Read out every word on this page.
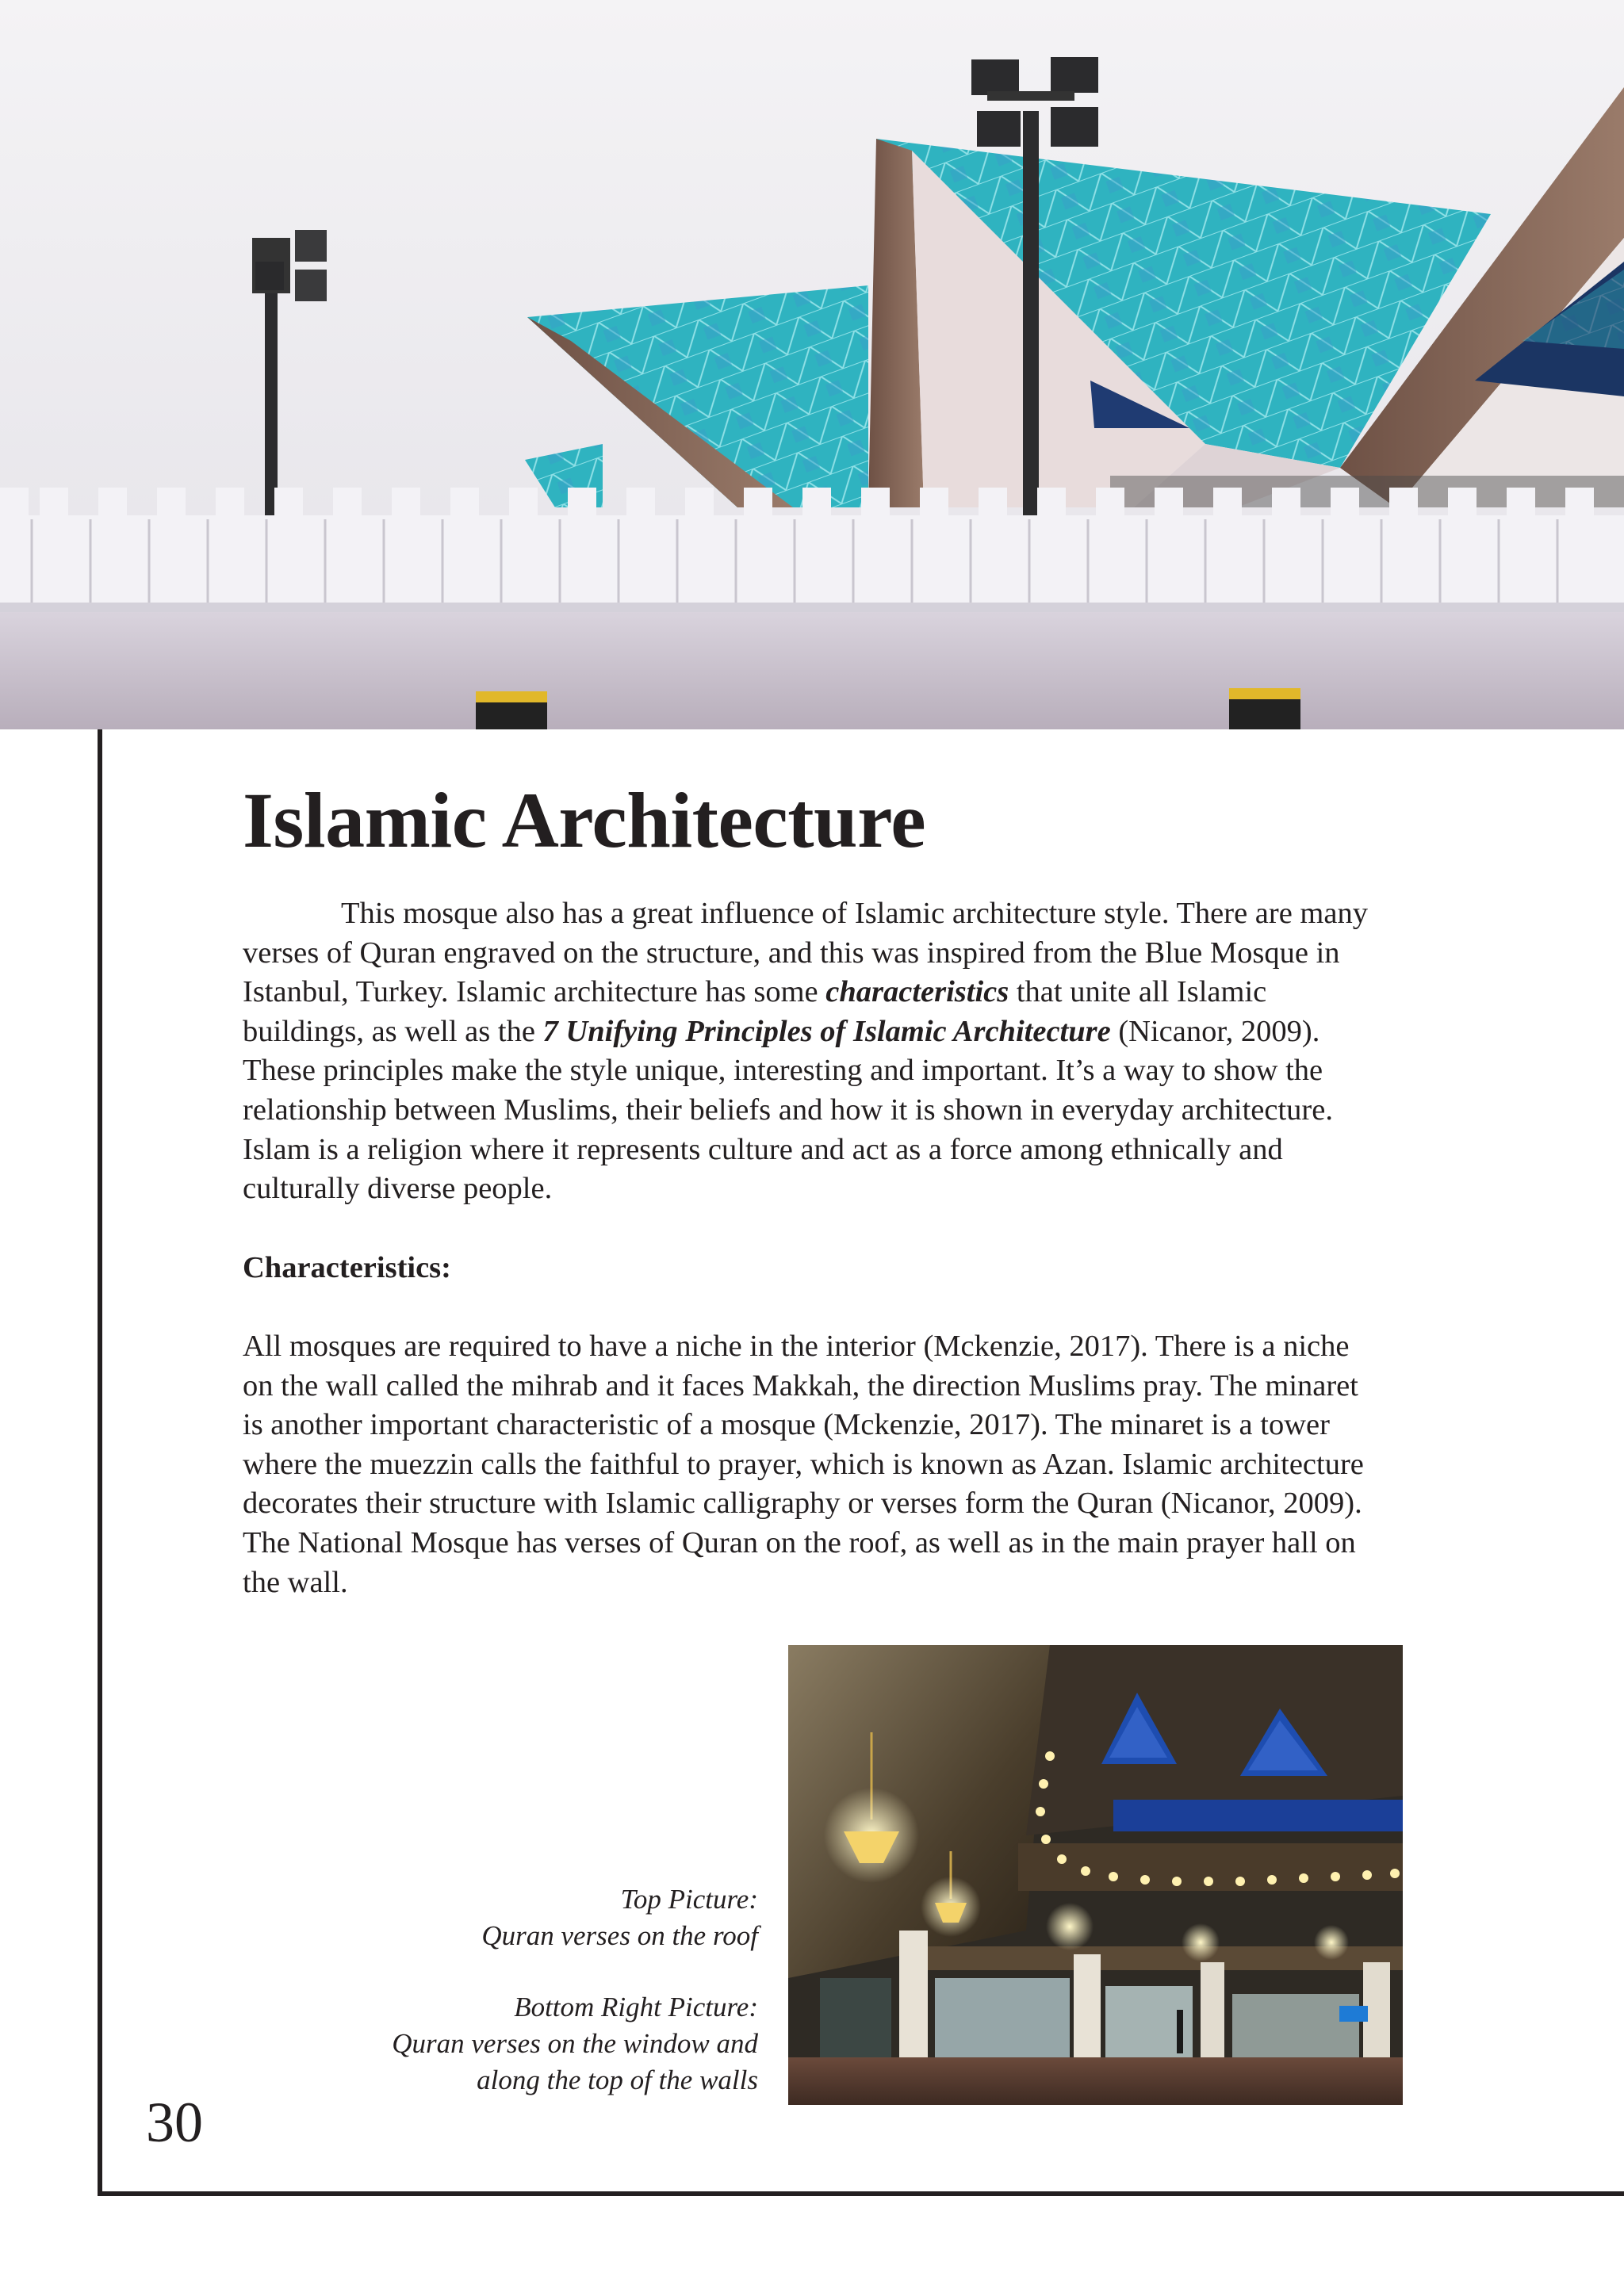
Islamic Architecture

This mosque also has a great influence of Islamic architecture style. There are many verses of Quran engraved on the structure, and this was inspired from the Blue Mosque in Istanbul, Turkey. Islamic architecture has some characteristics that unite all Islamic buildings, as well as the 7 Unifying Principles of Islamic Architecture (Nicanor, 2009). These principles make the style unique, interesting and important. It’s a way to show the relationship between Muslims, their beliefs and how it is shown in everyday architecture. Islam is a religion where it represents culture and act as a force among ethnically and culturally diverse people.

Characteristics:

All mosques are required to have a niche in the interior (Mckenzie, 2017). There is a niche on the wall called the mihrab and it faces Makkah, the direction Muslims pray. The minaret is another important characteristic of a mosque (Mckenzie, 2017). The minaret is a tower where the muezzin calls the faithful to prayer, which is known as Azan. Islamic architecture decorates their structure with Islamic calligraphy or verses form the Quran (Nicanor, 2009). The National Mosque has verses of Quran on the roof, as well as in the main prayer hall on the wall.

Top Picture:
Quran verses on the roof

Bottom Right Picture:
Quran verses on the window and
along the top of the walls

30
